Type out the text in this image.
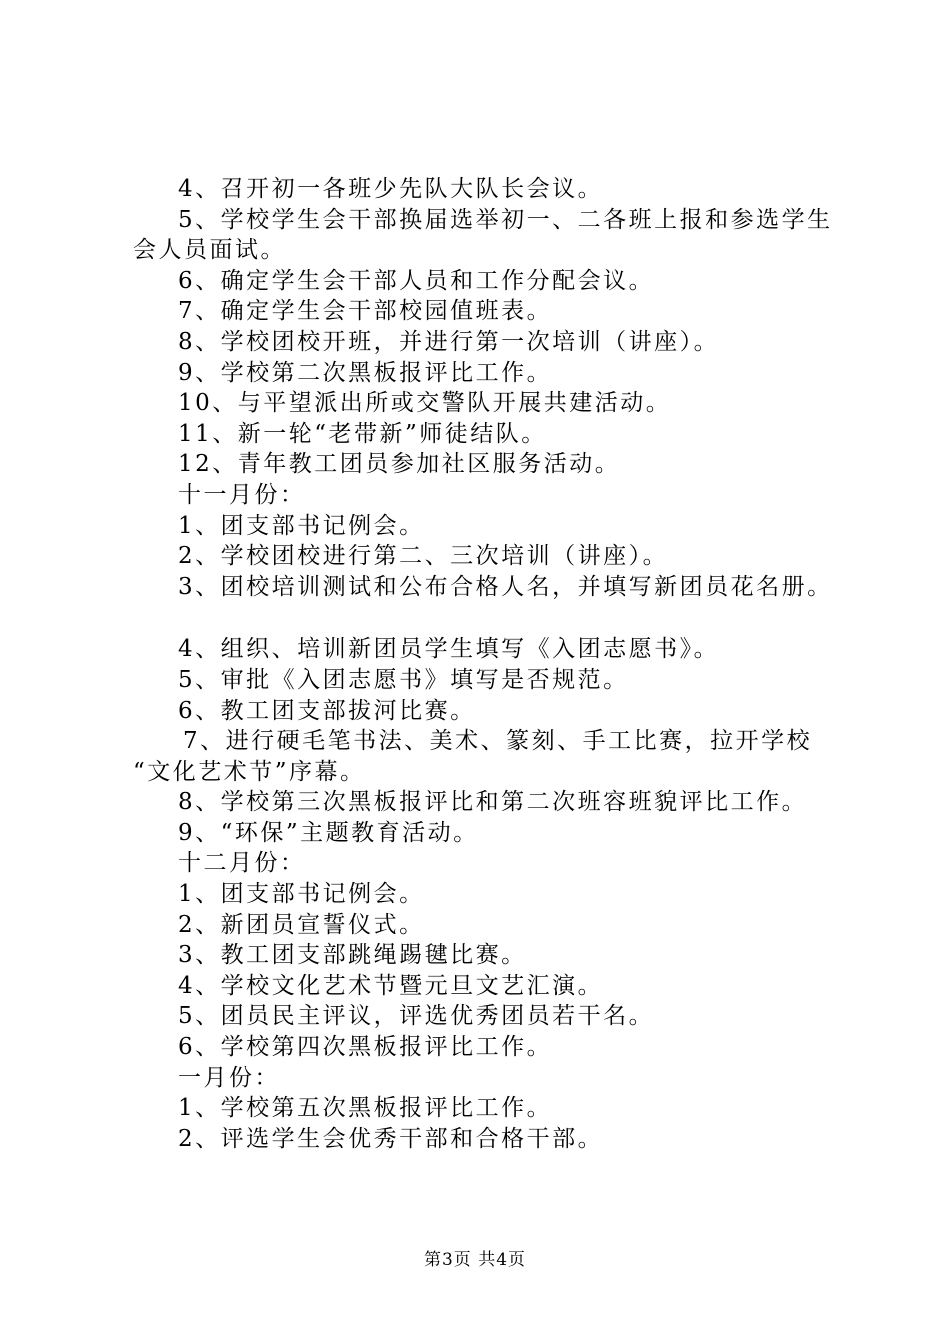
4、召开初一各班少先队大队长会议。
5、学校学生会干部换届选举初一、二各班上报和参选学生
会人员面试。
6、确定学生会干部人员和工作分配会议。
7、确定学生会干部校园值班表。
8、学校团校开班，并进行第一次培训（讲座）。
9、学校第二次黑板报评比工作。
10、与平望派出所或交警队开展共建活动。
11、新一轮“老带新”师徒结队。
12、青年教工团员参加社区服务活动。
十一月份：
1、团支部书记例会。
2、学校团校进行第二、三次培训（讲座）。
3、团校培训测试和公布合格人名，并填写新团员花名册。
4、组织、培训新团员学生填写《入团志愿书》。
5、审批《入团志愿书》填写是否规范。
6、教工团支部拔河比赛。
7、进行硬毛笔书法、美术、篆刻、手工比赛，拉开学校
“文化艺术节”序幕。
8、学校第三次黑板报评比和第二次班容班貌评比工作。
9、“环保”主题教育活动。
十二月份：
1、团支部书记例会。
2、新团员宣誓仪式。
3、教工团支部跳绳踢毽比赛。
4、学校文化艺术节暨元旦文艺汇演。
5、团员民主评议，评选优秀团员若干名。
6、学校第四次黑板报评比工作。
一月份：
1、学校第五次黑板报评比工作。
2、评选学生会优秀干部和合格干部。
第3页 共4页
